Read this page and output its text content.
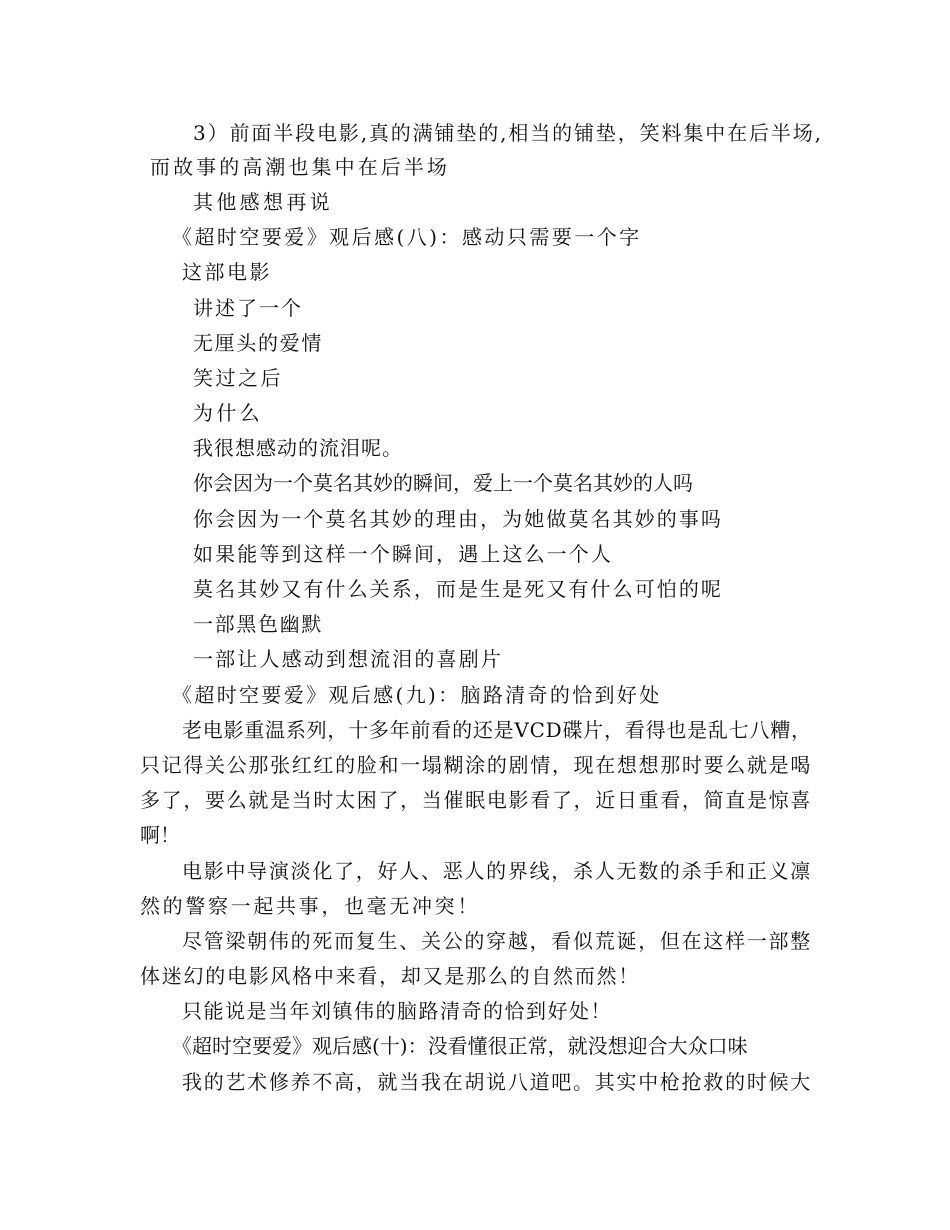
3）前面半段电影,真的满铺垫的,相当的铺垫，笑料集中在后半场,
而故事的高潮也集中在后半场
其他感想再说
《超时空要爱》观后感(八)：感动只需要一个字
这部电影
讲述了一个
无厘头的爱情
笑过之后
为什么
我很想感动的流泪呢。
你会因为一个莫名其妙的瞬间，爱上一个莫名其妙的人吗
你会因为一个莫名其妙的理由，为她做莫名其妙的事吗
如果能等到这样一个瞬间，遇上这么一个人
莫名其妙又有什么关系，而是生是死又有什么可怕的呢
一部黑色幽默
一部让人感动到想流泪的喜剧片
《超时空要爱》观后感(九)：脑路清奇的恰到好处
老电影重温系列，十多年前看的还是VCD碟片，看得也是乱七八糟，
只记得关公那张红红的脸和一塌糊涂的剧情，现在想想那时要么就是喝
多了，要么就是当时太困了，当催眠电影看了，近日重看，简直是惊喜
啊！
电影中导演淡化了，好人、恶人的界线，杀人无数的杀手和正义凛
然的警察一起共事，也毫无冲突！
尽管梁朝伟的死而复生、关公的穿越，看似荒诞，但在这样一部整
体迷幻的电影风格中来看，却又是那么的自然而然！
只能说是当年刘镇伟的脑路清奇的恰到好处！
《超时空要爱》观后感(十)：没看懂很正常，就没想迎合大众口味
我的艺术修养不高，就当我在胡说八道吧。其实中枪抢救的时候大
